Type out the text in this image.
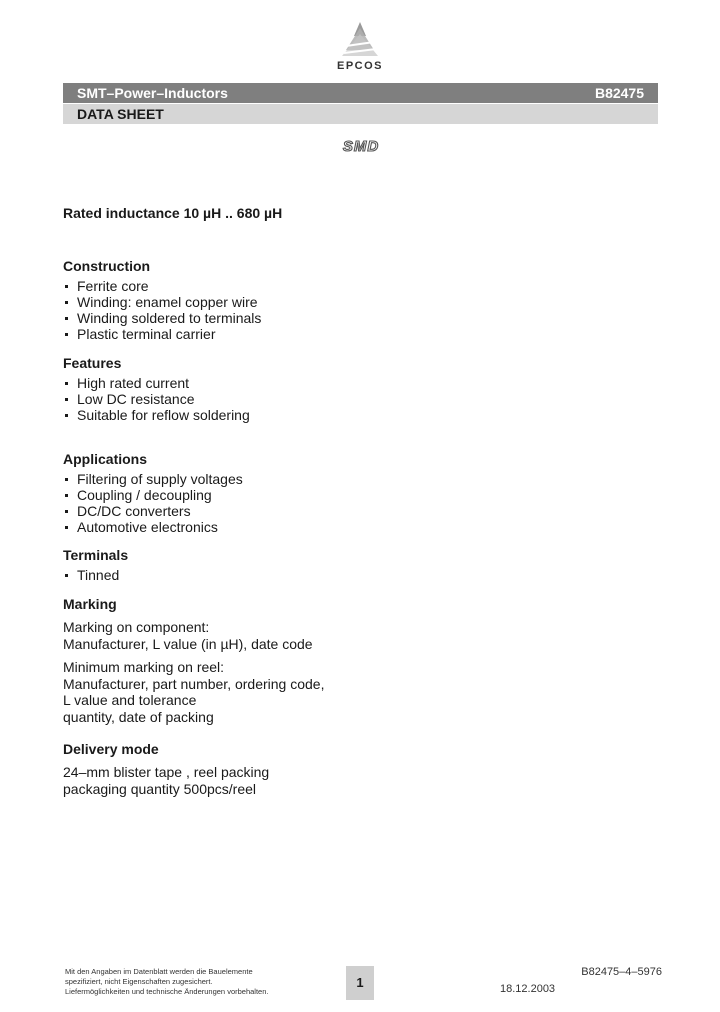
EPCOS
SMT–Power–Inductors	B82475
DATA SHEET
SMD
Rated inductance 10 µH .. 680 µH
Construction
Ferrite core
Winding: enamel copper wire
Winding soldered to terminals
Plastic terminal carrier
Features
High rated current
Low DC resistance
Suitable for reflow soldering
Applications
Filtering of supply voltages
Coupling / decoupling
DC/DC converters
Automotive electronics
Terminals
Tinned
Marking
Marking on component:
Manufacturer, L value (in µH), date code
Minimum marking on reel:
Manufacturer, part number, ordering code,
L value and tolerance
quantity, date of packing
Delivery mode
24–mm blister tape , reel packing
packaging quantity 500pcs/reel
Mit den Angaben im Datenblatt werden die Bauelemente
spezifiziert, nicht Eigenschaften zugesichert.
Liefermöglichkeiten und technische Änderungen vorbehalten.
1
B82475–4–5976
18.12.2003
